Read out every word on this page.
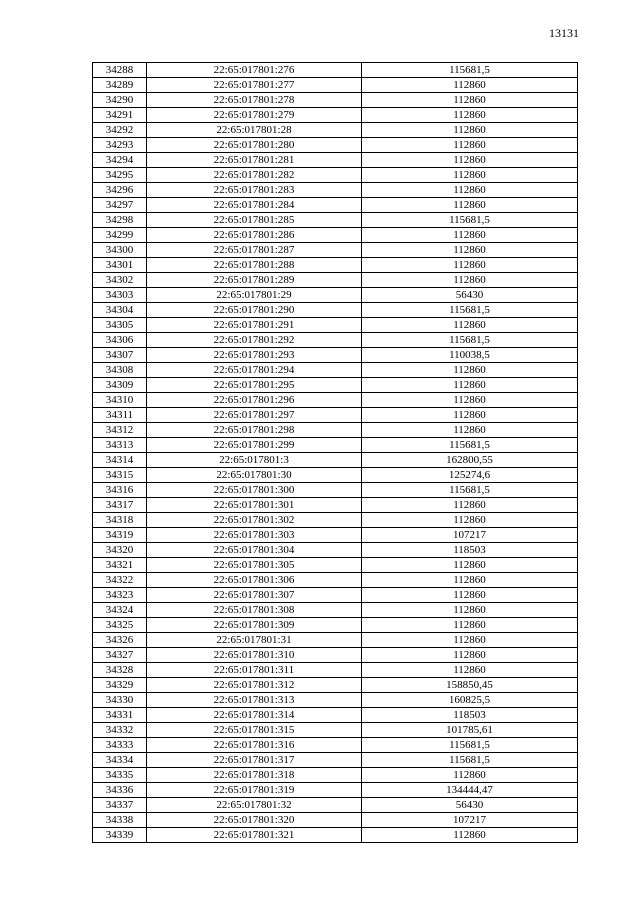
13131
34288	22:65:017801:276	115681,5
34289	22:65:017801:277	112860
34290	22:65:017801:278	112860
34291	22:65:017801:279	112860
34292	22:65:017801:28	112860
34293	22:65:017801:280	112860
34294	22:65:017801:281	112860
34295	22:65:017801:282	112860
34296	22:65:017801:283	112860
34297	22:65:017801:284	112860
34298	22:65:017801:285	115681,5
34299	22:65:017801:286	112860
34300	22:65:017801:287	112860
34301	22:65:017801:288	112860
34302	22:65:017801:289	112860
34303	22:65:017801:29	56430
34304	22:65:017801:290	115681,5
34305	22:65:017801:291	112860
34306	22:65:017801:292	115681,5
34307	22:65:017801:293	110038,5
34308	22:65:017801:294	112860
34309	22:65:017801:295	112860
34310	22:65:017801:296	112860
34311	22:65:017801:297	112860
34312	22:65:017801:298	112860
34313	22:65:017801:299	115681,5
34314	22:65:017801:3	162800,55
34315	22:65:017801:30	125274,6
34316	22:65:017801:300	115681,5
34317	22:65:017801:301	112860
34318	22:65:017801:302	112860
34319	22:65:017801:303	107217
34320	22:65:017801:304	118503
34321	22:65:017801:305	112860
34322	22:65:017801:306	112860
34323	22:65:017801:307	112860
34324	22:65:017801:308	112860
34325	22:65:017801:309	112860
34326	22:65:017801:31	112860
34327	22:65:017801:310	112860
34328	22:65:017801:311	112860
34329	22:65:017801:312	158850,45
34330	22:65:017801:313	160825,5
34331	22:65:017801:314	118503
34332	22:65:017801:315	101785,61
34333	22:65:017801:316	115681,5
34334	22:65:017801:317	115681,5
34335	22:65:017801:318	112860
34336	22:65:017801:319	134444,47
34337	22:65:017801:32	56430
34338	22:65:017801:320	107217
34339	22:65:017801:321	112860
